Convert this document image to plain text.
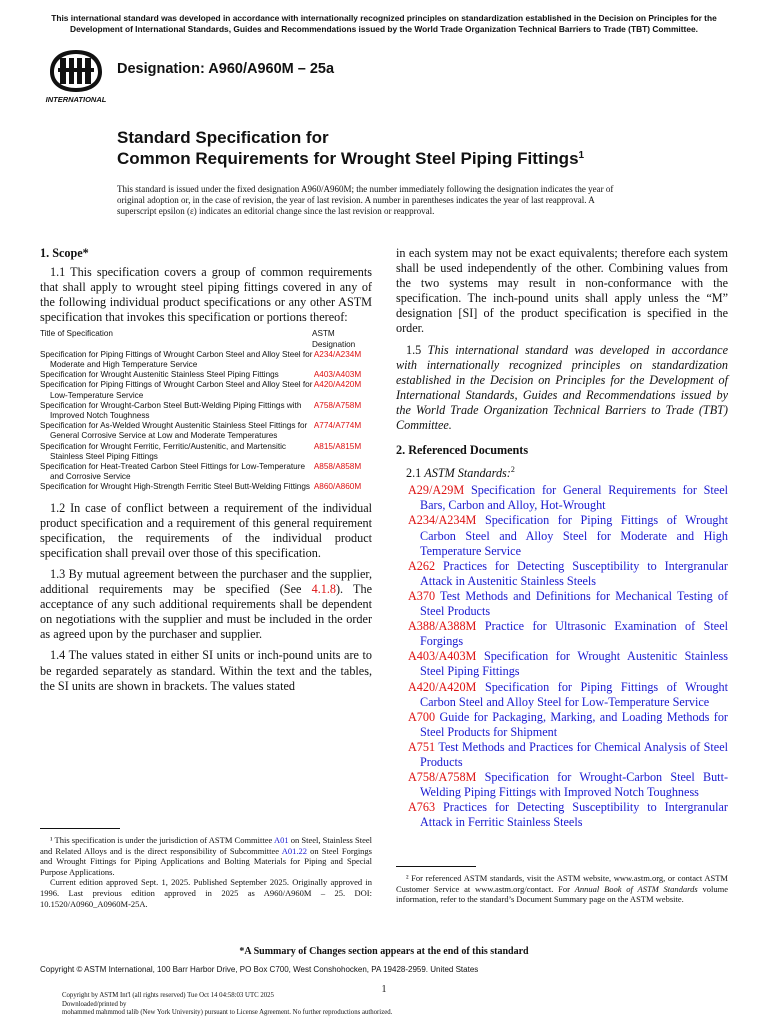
This international standard was developed in accordance with internationally recognized principles on standardization established in the Decision on Principles for the Development of International Standards, Guides and Recommendations issued by the World Trade Organization Technical Barriers to Trade (TBT) Committee.
INTERNATIONAL
Designation: A960/A960M – 25a
Standard Specification for
Common Requirements for Wrought Steel Piping Fittings$^1$
This standard is issued under the fixed designation A960/A960M; the number immediately following the designation indicates the year of original adoption or, in the case of revision, the year of last revision. A number in parentheses indicates the year of last reapproval. A superscript epsilon (ε) indicates an editorial change since the last revision or reapproval.
1. Scope*

1.1 This specification covers a group of common requirements that shall apply to wrought steel piping fittings covered in any of the following individual product specifications or any other ASTM specification that invokes this specification or portions thereof:

Title of Specification	ASTM
Designation
Specification for Piping Fittings of Wrought Carbon Steel and Alloy Steel for Moderate and High Temperature Service
A234/A234M
Specification for Wrought Austenitic Stainless Steel Piping Fittings	A403/A403M
Specification for Piping Fittings of Wrought Carbon Steel and Alloy Steel for Low-Temperature Service
A420/A420M
Specification for Wrought-Carbon Steel Butt-Welding Piping Fittings with Improved Notch Toughness
A758/A758M
Specification for As-Welded Wrought Austenitic Stainless Steel Fittings for General Corrosive Service at Low and Moderate Temperatures
A774/A774M
Specification for Wrought Ferritic, Ferritic/Austenitic, and Martensitic Stainless Steel Piping Fittings
A815/A815M
Specification for Heat-Treated Carbon Steel Fittings for Low-Temperature and Corrosive Service
A858/A858M
Specification for Wrought High-Strength Ferritic Steel Butt-Welding Fittings A860/A860M

1.2 In case of conflict between a requirement of the individual product specification and a requirement of this general requirement specification, the requirements of the individual product specification shall prevail over those of this specification.

1.3 By mutual agreement between the purchaser and the supplier, additional requirements may be specified (See 4.1.8). The acceptance of any such additional requirements shall be dependent on negotiations with the supplier and must be included in the order as agreed upon by the purchaser and supplier.

1.4 The values stated in either SI units or inch-pound units are to be regarded separately as standard. Within the text and the tables, the SI units are shown in brackets. The values stated

in each system may not be exact equivalents; therefore each system shall be used independently of the other. Combining values from the two systems may result in non-conformance with the specification. The inch-pound units shall apply unless the “M” designation [SI] of the product specification is specified in the order.

1.5 This international standard was developed in accordance with internationally recognized principles on standardization established in the Decision on Principles for the Development of International Standards, Guides and Recommendations issued by the World Trade Organization Technical Barriers to Trade (TBT) Committee.

2. Referenced Documents

2.1 ASTM Standards:$^2$

A29/A29M Specification for General Requirements for Steel Bars, Carbon and Alloy, Hot-Wrought
A234/A234M Specification for Piping Fittings of Wrought Carbon Steel and Alloy Steel for Moderate and High Temperature Service
A262 Practices for Detecting Susceptibility to Intergranular Attack in Austenitic Stainless Steels
A370 Test Methods and Definitions for Mechanical Testing of Steel Products
A388/A388M Practice for Ultrasonic Examination of Steel Forgings
A403/A403M Specification for Wrought Austenitic Stainless Steel Piping Fittings
A420/A420M Specification for Piping Fittings of Wrought Carbon Steel and Alloy Steel for Low-Temperature Service
A700 Guide for Packaging, Marking, and Loading Methods for Steel Products for Shipment
A751 Test Methods and Practices for Chemical Analysis of Steel Products
A758/A758M Specification for Wrought-Carbon Steel Butt-Welding Piping Fittings with Improved Notch Toughness
A763 Practices for Detecting Susceptibility to Intergranular Attack in Ferritic Stainless Steels

¹ This specification is under the jurisdiction of ASTM Committee A01 on Steel, Stainless Steel and Related Alloys and is the direct responsibility of Subcommittee A01.22 on Steel Forgings and Wrought Fittings for Piping Applications and Bolting Materials for Piping and Special Purpose Applications.

Current edition approved Sept. 1, 2025. Published September 2025. Originally approved in 1996. Last previous edition approved in 2025 as A960/A960M – 25. DOI: 10.1520/A0960_A0960M-25A.

² For referenced ASTM standards, visit the ASTM website, www.astm.org, or contact ASTM Customer Service at www.astm.org/contact. For Annual Book of ASTM Standards volume information, refer to the standard’s Document Summary page on the ASTM website.

*A Summary of Changes section appears at the end of this standard
Copyright © ASTM International, 100 Barr Harbor Drive, PO Box C700, West Conshohocken, PA 19428-2959. United States
1
Copyright by ASTM Int'l (all rights reserved) Tue Oct 14 04:58:03 UTC 2025
Downloaded/printed by
mohammed mahmmod talib (New York University) pursuant to License Agreement. No further reproductions authorized.
